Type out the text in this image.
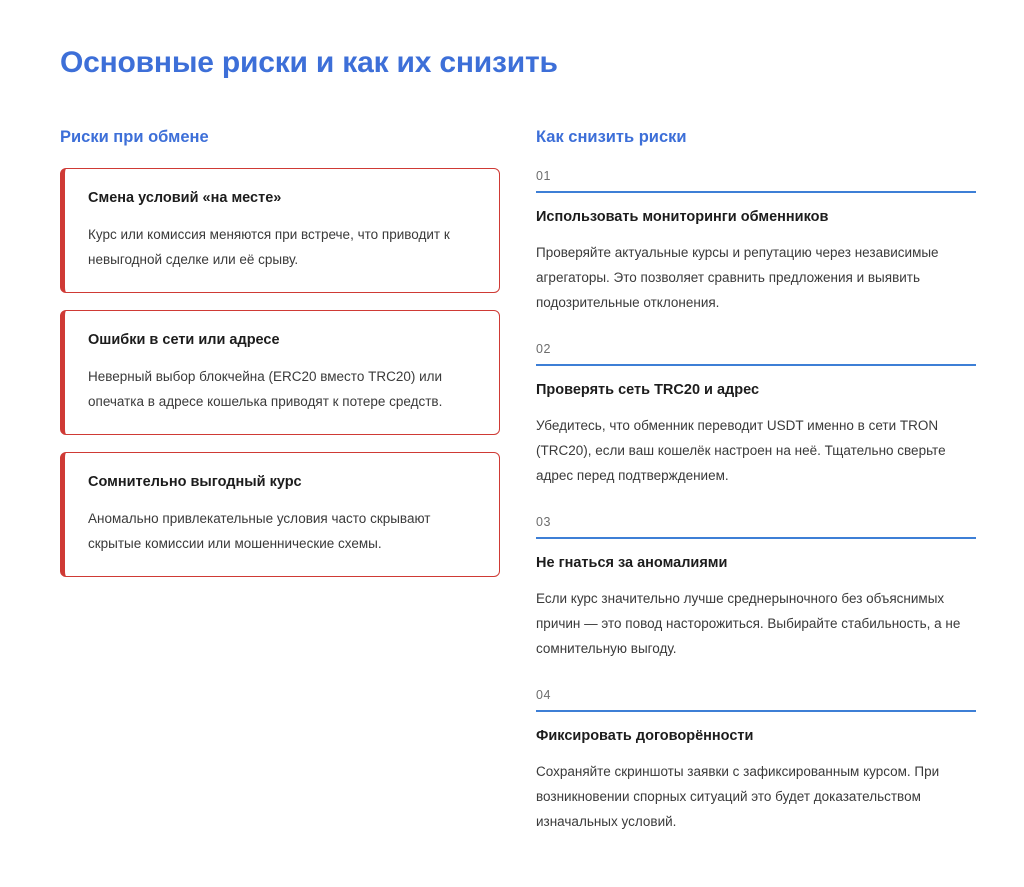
Основные риски и как их снизить
Риски при обмене
Смена условий «на месте»
Курс или комиссия меняются при встрече, что приводит к невыгодной сделке или её срыву.
Ошибки в сети или адресе
Неверный выбор блокчейна (ERC20 вместо TRC20) или опечатка в адресе кошелька приводят к потере средств.
Сомнительно выгодный курс
Аномально привлекательные условия часто скрывают скрытые комиссии или мошеннические схемы.
Как снизить риски
01
Использовать мониторинги обменников
Проверяйте актуальные курсы и репутацию через независимые агрегаторы. Это позволяет сравнить предложения и выявить подозрительные отклонения.
02
Проверять сеть TRC20 и адрес
Убедитесь, что обменник переводит USDT именно в сети TRON (TRC20), если ваш кошелёк настроен на неё. Тщательно сверьте адрес перед подтверждением.
03
Не гнаться за аномалиями
Если курс значительно лучше среднерыночного без объяснимых причин — это повод насторожиться. Выбирайте стабильность, а не сомнительную выгоду.
04
Фиксировать договорённости
Сохраняйте скриншоты заявки с зафиксированным курсом. При возникновении спорных ситуаций это будет доказательством изначальных условий.
